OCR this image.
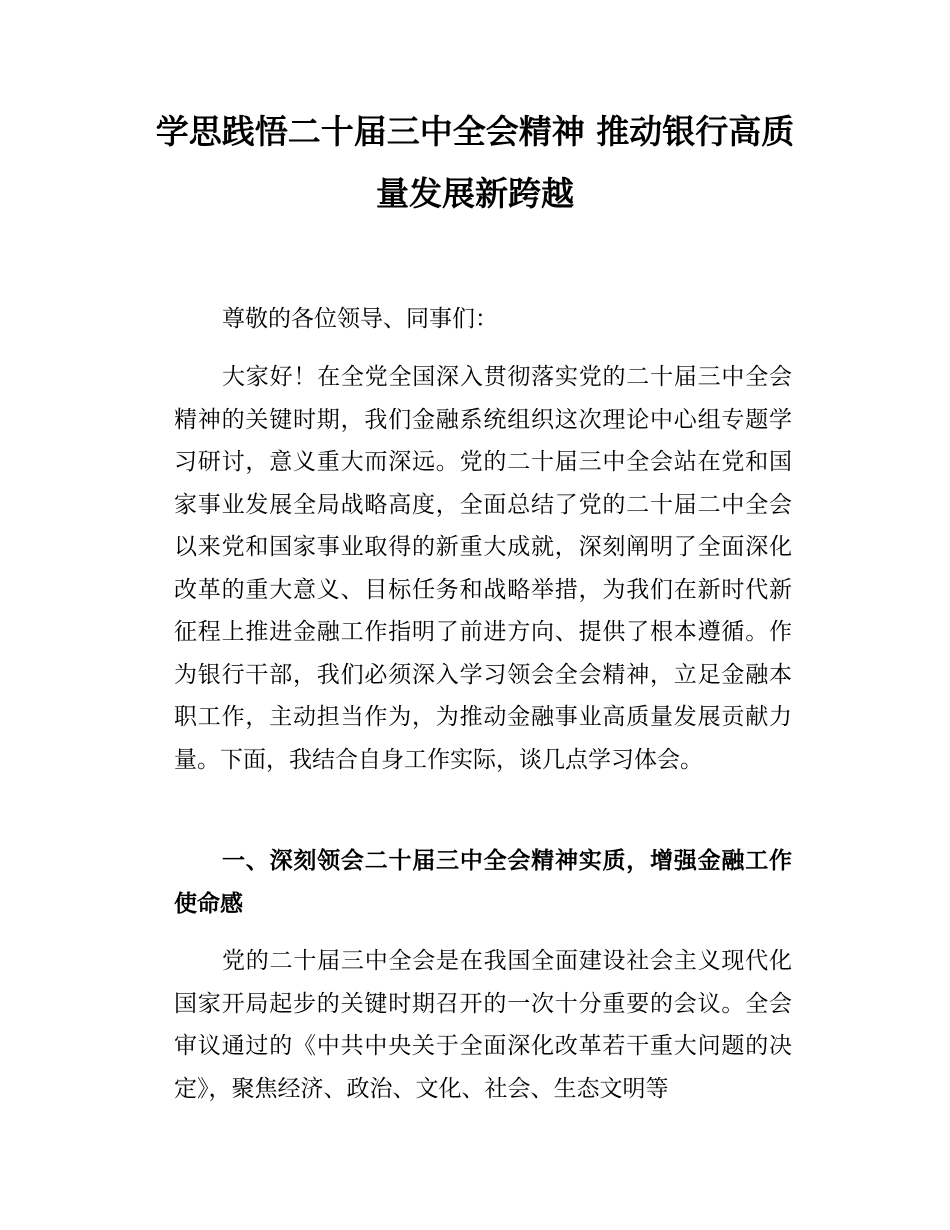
学思践悟二十届三中全会精神 推动银行高质
量发展新跨越

尊敬的各位领导、同事们：

大家好！在全党全国深入贯彻落实党的二十届三中全会精神的关键时期，我们金融系统组织这次理论中心组专题学习研讨，意义重大而深远。党的二十届三中全会站在党和国家事业发展全局战略高度，全面总结了党的二十届二中全会以来党和国家事业取得的新重大成就，深刻阐明了全面深化改革的重大意义、目标任务和战略举措，为我们在新时代新征程上推进金融工作指明了前进方向、提供了根本遵循。作为银行干部，我们必须深入学习领会全会精神，立足金融本职工作，主动担当作为，为推动金融事业高质量发展贡献力量。下面，我结合自身工作实际，谈几点学习体会。

一、深刻领会二十届三中全会精神实质，增强金融工作使命感

党的二十届三中全会是在我国全面建设社会主义现代化国家开局起步的关键时期召开的一次十分重要的会议。全会审议通过的《中共中央关于全面深化改革若干重大问题的决定》，聚焦经济、政治、文化、社会、生态文明等
